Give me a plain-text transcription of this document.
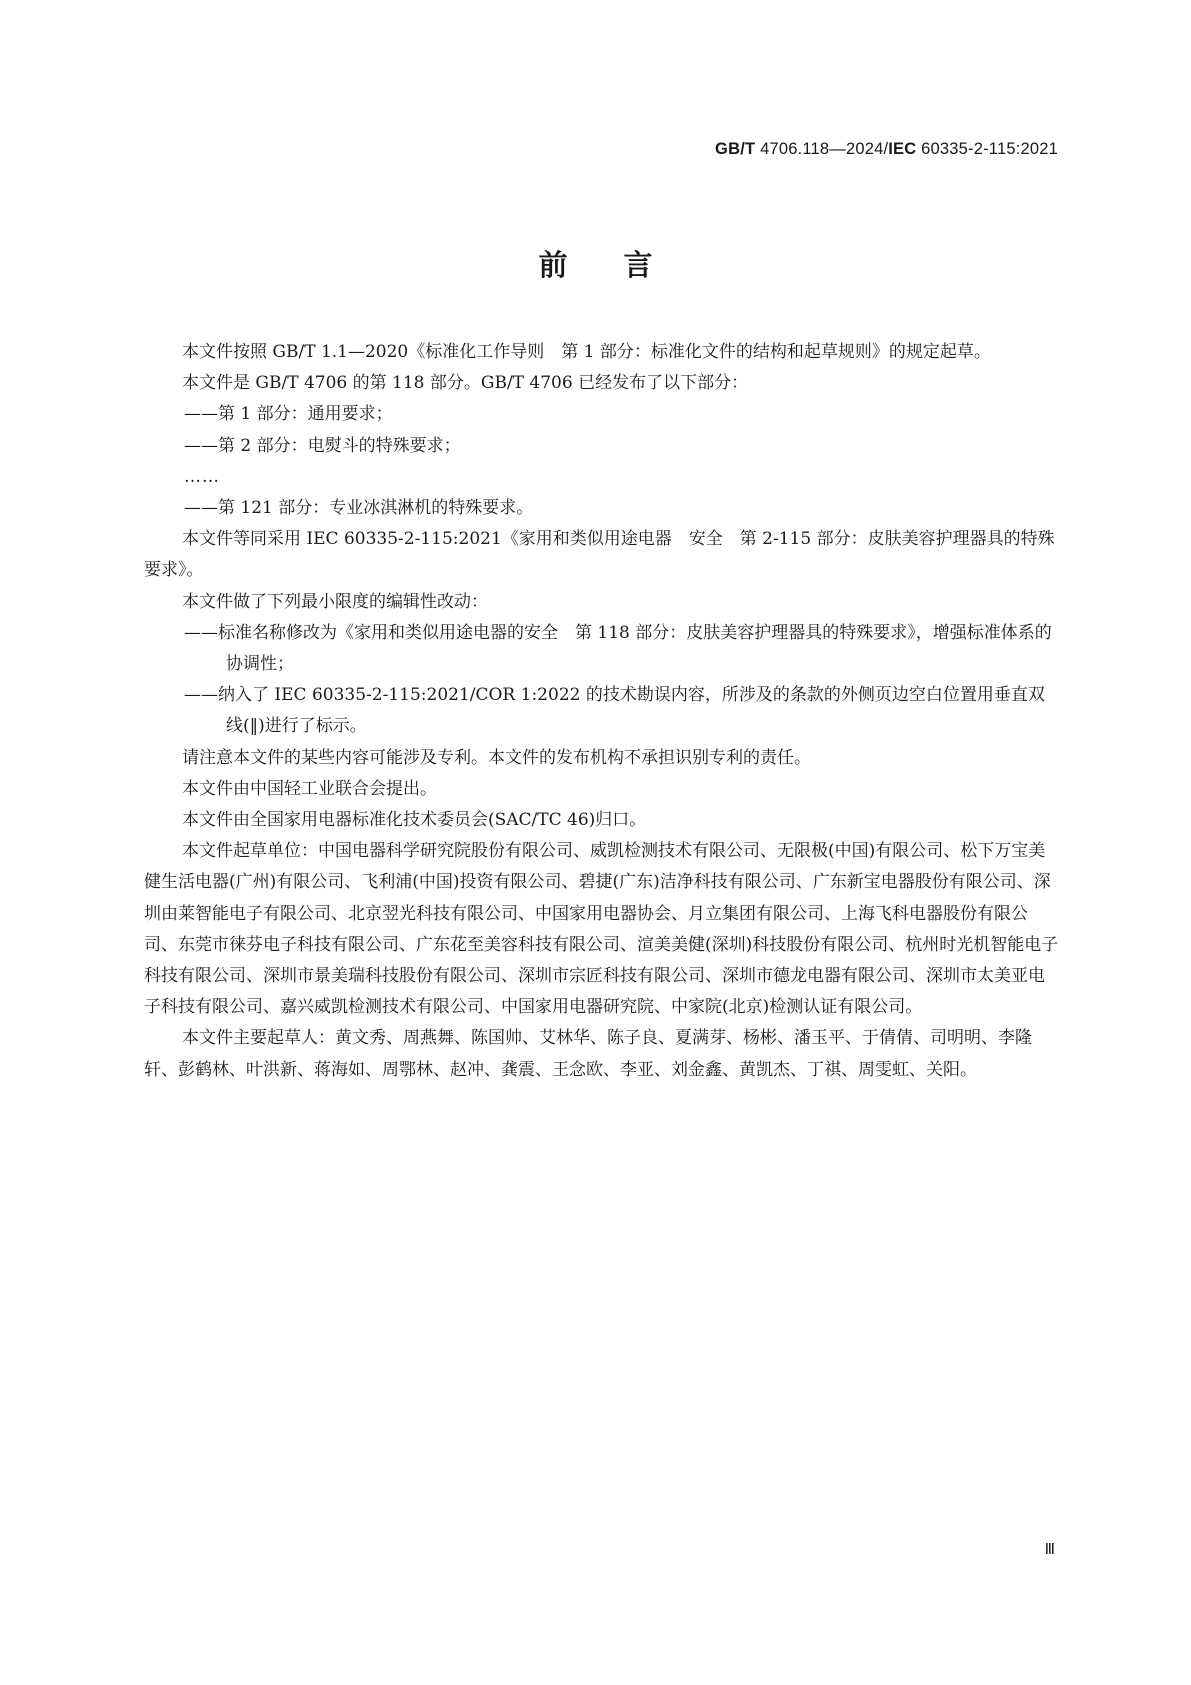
GB/T 4706.118—2024/IEC 60335-2-115:2021
前言

本文件按照 GB/T 1.1—2020《标准化工作导则　第 1 部分：标准化文件的结构和起草规则》的规定起草。

本文件是 GB/T 4706 的第 118 部分。GB/T 4706 已经发布了以下部分：

——第 1 部分：通用要求；

——第 2 部分：电熨斗的特殊要求；

……

——第 121 部分：专业冰淇淋机的特殊要求。

本文件等同采用 IEC 60335-2-115:2021《家用和类似用途电器　安全　第 2-115 部分：皮肤美容护理器具的特殊要求》。

本文件做了下列最小限度的编辑性改动：

——标准名称修改为《家用和类似用途电器的安全　第 118 部分：皮肤美容护理器具的特殊要求》，增强标准体系的协调性；

——纳入了 IEC 60335-2-115:2021/COR 1:2022 的技术勘误内容，所涉及的条款的外侧页边空白位置用垂直双线(‖)进行了标示。

请注意本文件的某些内容可能涉及专利。本文件的发布机构不承担识别专利的责任。

本文件由中国轻工业联合会提出。

本文件由全国家用电器标准化技术委员会(SAC/TC 46)归口。

本文件起草单位：中国电器科学研究院股份有限公司、威凯检测技术有限公司、无限极(中国)有限公司、松下万宝美健生活电器(广州)有限公司、飞利浦(中国)投资有限公司、碧捷(广东)洁净科技有限公司、广东新宝电器股份有限公司、深圳由莱智能电子有限公司、北京翌光科技有限公司、中国家用电器协会、月立集团有限公司、上海飞科电器股份有限公司、东莞市徕芬电子科技有限公司、广东花至美容科技有限公司、渲美美健(深圳)科技股份有限公司、杭州时光机智能电子科技有限公司、深圳市景美瑞科技股份有限公司、深圳市宗匠科技有限公司、深圳市德龙电器有限公司、深圳市太美亚电子科技有限公司、嘉兴威凯检测技术有限公司、中国家用电器研究院、中家院(北京)检测认证有限公司。

本文件主要起草人：黄文秀、周燕舞、陈国帅、艾林华、陈子良、夏满芽、杨彬、潘玉平、于倩倩、司明明、李隆轩、彭鹤林、叶洪新、蒋海如、周鄂林、赵冲、龚震、王念欧、李亚、刘金鑫、黄凯杰、丁祺、周雯虹、关阳。

Ⅲ
